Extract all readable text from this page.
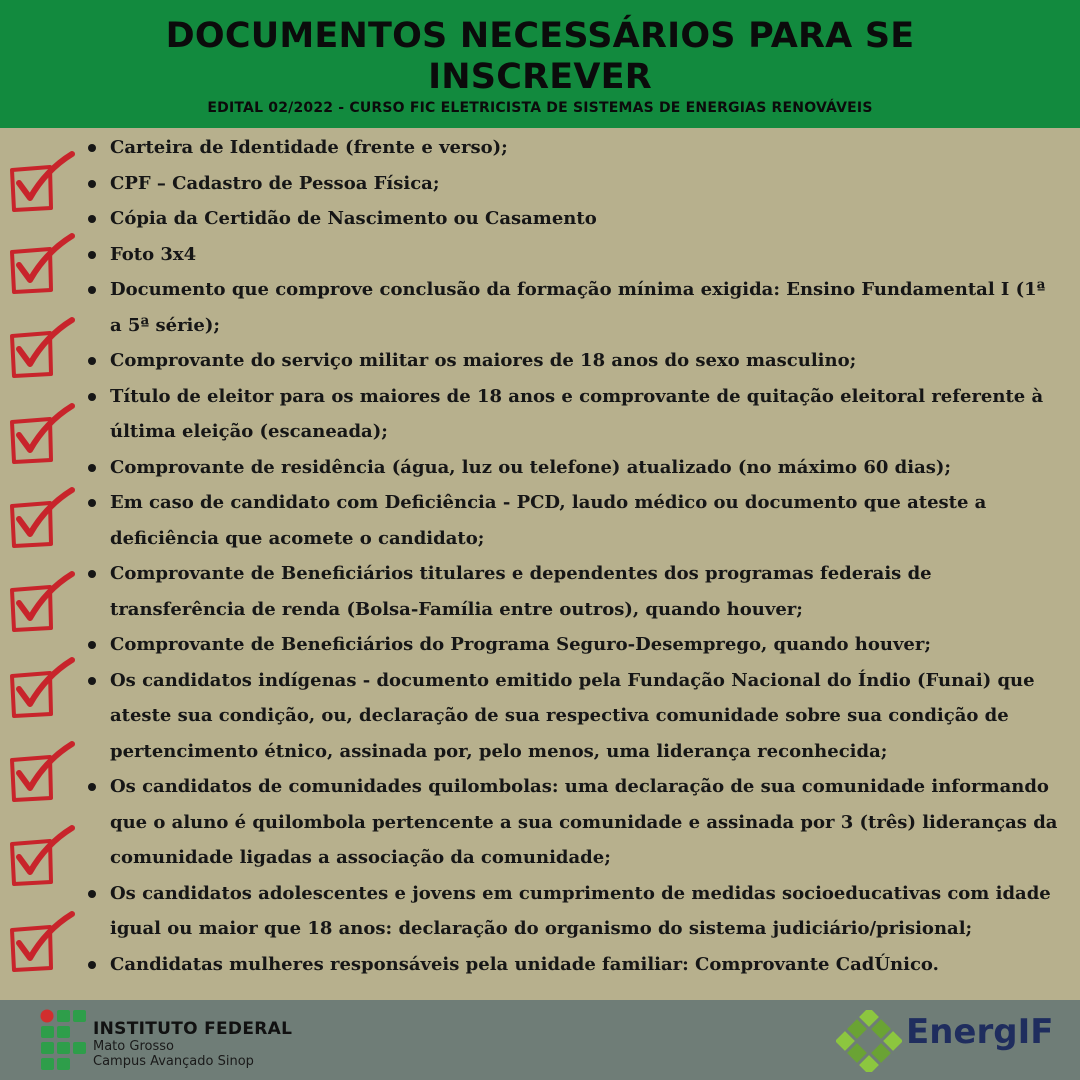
DOCUMENTOS NECESSÁRIOS PARA SE
INSCREVER
EDITAL 02/2022 - CURSO FIC ELETRICISTA DE SISTEMAS DE ENERGIAS RENOVÁVEIS
Carteira de Identidade (frente e verso);
CPF – Cadastro de Pessoa Física;
Cópia da Certidão de Nascimento ou Casamento
Foto 3x4
Documento que comprove conclusão da formação mínima exigida: Ensino Fundamental I (1ª
a 5ª série);
Comprovante do serviço militar os maiores de 18 anos do sexo masculino;
Título de eleitor para os maiores de 18 anos e comprovante de quitação eleitoral referente à
última eleição (escaneada);
Comprovante de residência (água, luz ou telefone) atualizado (no máximo 60 dias);
Em caso de candidato com Deficiência - PCD, laudo médico ou documento que ateste a
deficiência que acomete o candidato;
Comprovante de Beneficiários titulares e dependentes dos programas federais de
transferência de renda (Bolsa-Família entre outros), quando houver;
Comprovante de Beneficiários do Programa Seguro-Desemprego, quando houver;
Os candidatos indígenas - documento emitido pela Fundação Nacional do Índio (Funai) que
ateste sua condição, ou, declaração de sua respectiva comunidade sobre sua condição de
pertencimento étnico, assinada por, pelo menos, uma liderança reconhecida;
Os candidatos de comunidades quilombolas: uma declaração de sua comunidade informando
que o aluno é quilombola pertencente a sua comunidade e assinada por 3 (três) lideranças da
comunidade ligadas a associação da comunidade;
Os candidatos adolescentes e jovens em cumprimento de medidas socioeducativas com idade
igual ou maior que 18 anos: declaração do organismo do sistema judiciário/prisional;
Candidatas mulheres responsáveis pela unidade familiar: Comprovante CadÚnico.
INSTITUTO FEDERAL
Mato Grosso
Campus Avançado Sinop
EnergIF
